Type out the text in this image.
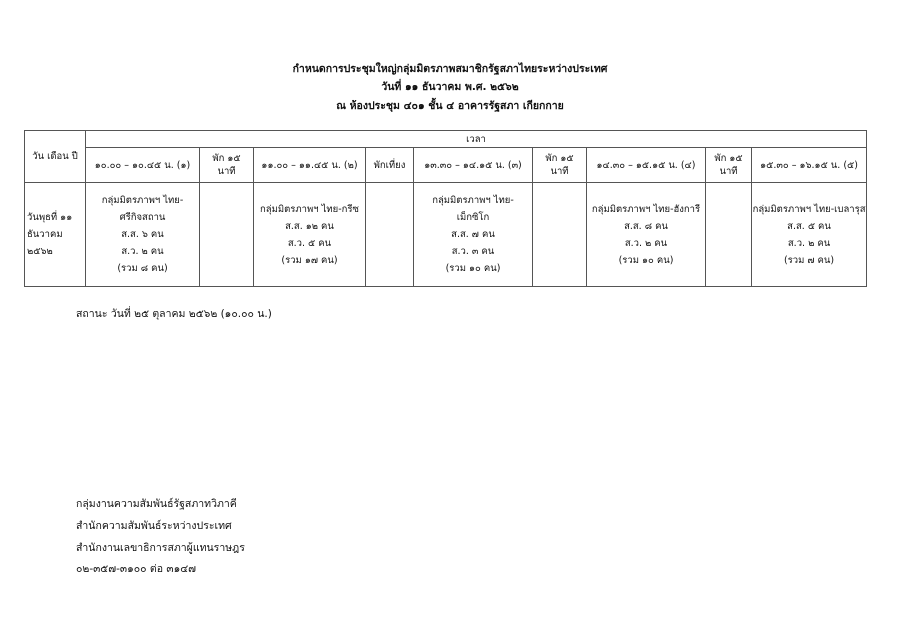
กำหนดการประชุมใหญ่กลุ่มมิตรภาพสมาชิกรัฐสภาไทยระหว่างประเทศ
วันที่ ๑๑ ธันวาคม พ.ศ. ๒๕๖๒
ณ ห้องประชุม ๔๐๑ ชั้น ๔ อาคารรัฐสภา เกียกกาย
วัน เดือน ปี	เวลา								
	๑๐.๐๐ – ๑๐.๔๕ น. (๑)	พัก ๑๕
นาที	๑๑.๐๐ – ๑๑.๔๕ น. (๒)	พักเที่ยง	๑๓.๓๐ – ๑๔.๑๕ น. (๓)	พัก ๑๕
นาที	๑๔.๓๐ – ๑๕.๑๕ น. (๔)	พัก ๑๕
นาที	๑๕.๓๐ – ๑๖.๑๕ น. (๕)

วันพุธที่ ๑๑
ธันวาคม
๒๕๖๒	กลุ่มมิตรภาพฯ ไทย-
ศรีกิจสถาน
ส.ส. ๖ คน
ส.ว. ๒ คน
(รวม ๘ คน)		กลุ่มมิตรภาพฯ ไทย-กรีซ
ส.ส. ๑๒ คน
ส.ว. ๕ คน
(รวม ๑๗ คน)		กลุ่มมิตรภาพฯ ไทย-
เม็กซิโก
ส.ส. ๗ คน
ส.ว. ๓ คน
(รวม ๑๐ คน)		กลุ่มมิตรภาพฯ ไทย-ฮังการี
ส.ส. ๘ คน
ส.ว. ๒ คน
(รวม ๑๐ คน)		กลุ่มมิตรภาพฯ ไทย-เบลารุส
ส.ส. ๕ คน
ส.ว. ๒ คน
(รวม ๗ คน)
สถานะ วันที่ ๒๕ ตุลาคม ๒๕๖๒ (๑๐.๐๐ น.)
กลุ่มงานความสัมพันธ์รัฐสภาทวิภาคี
สำนักความสัมพันธ์ระหว่างประเทศ
สำนักงานเลขาธิการสภาผู้แทนราษฎร
๐๒-๓๕๗-๓๑๐๐ ต่อ ๓๑๔๗
